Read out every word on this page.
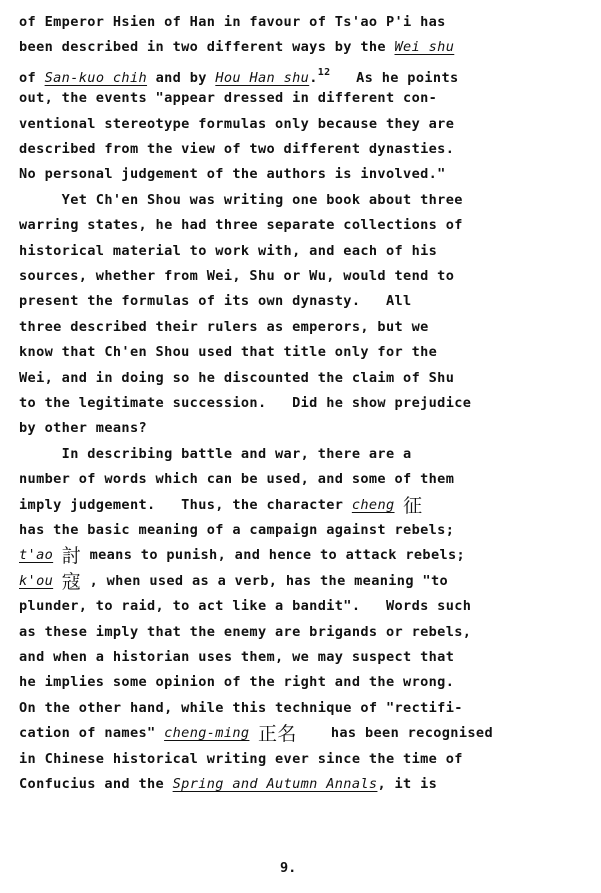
of Emperor Hsien of Han in favour of Ts'ao P'i has
been described in two different ways by the Wei shu
of San-kuo chih and by Hou Han shu.$^{12}$   As he points
out, the events "appear dressed in different con-
ventional stereotype formulas only because they are
described from the view of two different dynasties.
No personal judgement of the authors is involved."
Yet Ch'en Shou was writing one book about three
warring states, he had three separate collections of
historical material to work with, and each of his
sources, whether from Wei, Shu or Wu, would tend to
present the formulas of its own dynasty.   All
three described their rulers as emperors, but we
know that Ch'en Shou used that title only for the
Wei, and in doing so he discounted the claim of Shu
to the legitimate succession.   Did he show prejudice
by other means?
In describing battle and war, there are a
number of words which can be used, and some of them
imply judgement.   Thus, the character cheng 征
has the basic meaning of a campaign against rebels;
t'ao 討 means to punish, and hence to attack rebels;
k'ou 寇 , when used as a verb, has the meaning "to
plunder, to raid, to act like a bandit".   Words such
as these imply that the enemy are brigands or rebels,
and when a historian uses them, we may suspect that
he implies some opinion of the right and the wrong.
On the other hand, while this technique of "rectifi-
cation of names" cheng-ming 正名    has been recognised
in Chinese historical writing ever since the time of
Confucius and the Spring and Autumn Annals, it is
9.
